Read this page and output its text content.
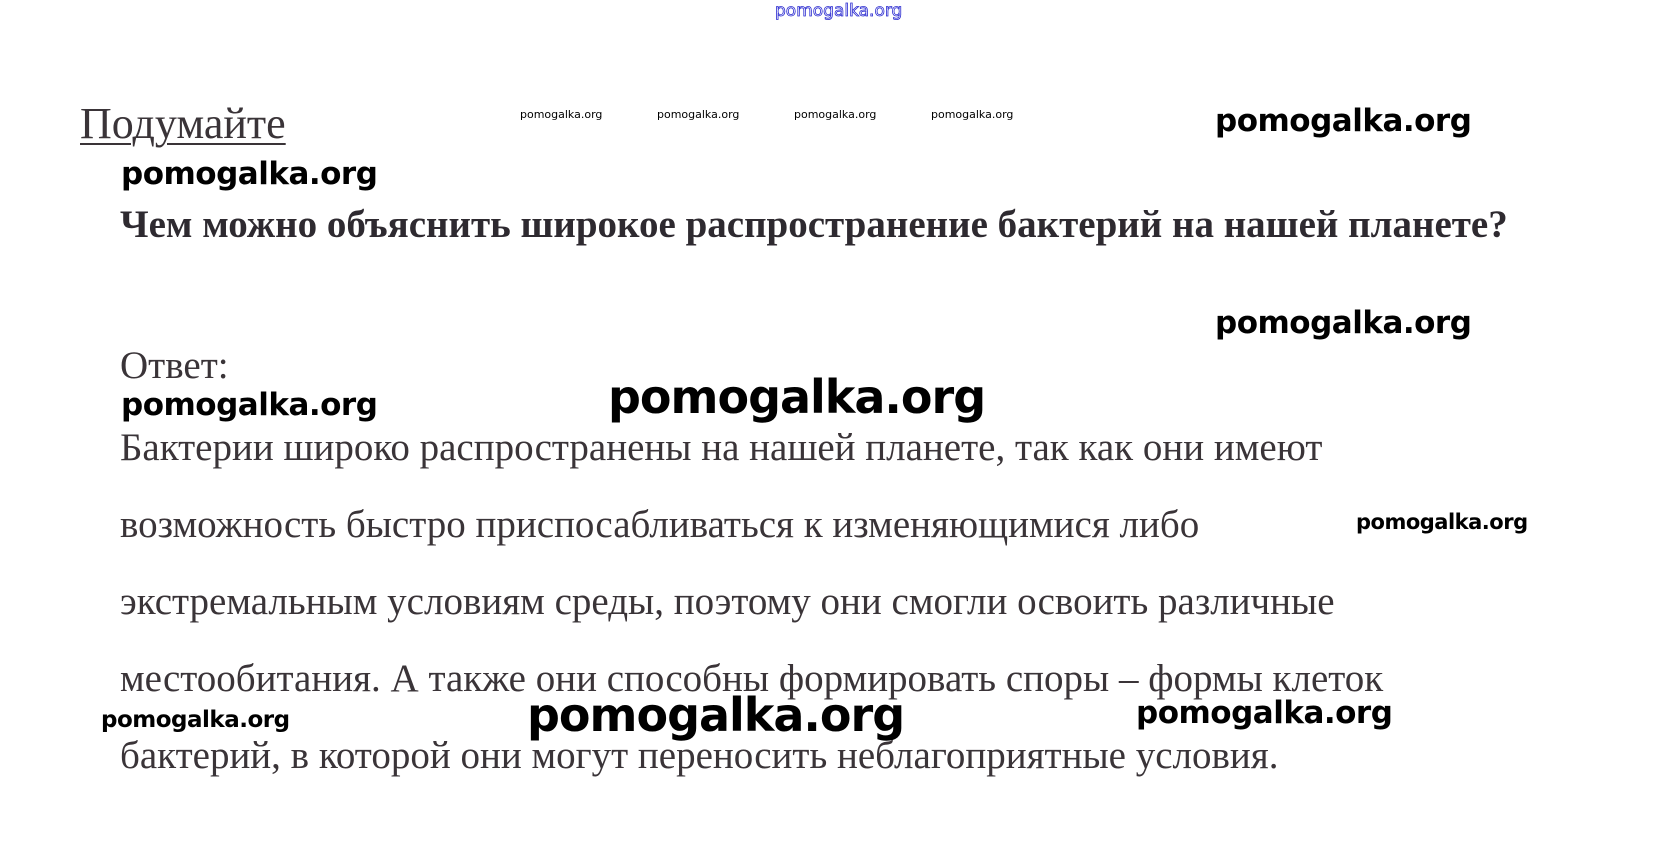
Подумайте
Чем можно объяснить широкое распространение бактерий на нашей планете?
Ответ:

Бактерии широко распространены на нашей планете, так как они имеют
возможность быстро приспосабливаться к изменяющимися либо
экстремальным условиям среды, поэтому они смогли освоить различные
местообитания. А также они способны формировать споры – формы клеток
бактерий, в которой они могут переносить неблагоприятные условия.

pomogalka.org
pomogalka.org	pomogalka.org	pomogalka.org	pomogalka.org	pomogalka.org
pomogalka.org
pomogalka.org
pomogalka.org	pomogalka.org
pomogalka.org
pomogalka.org	pomogalka.org	pomogalka.org
